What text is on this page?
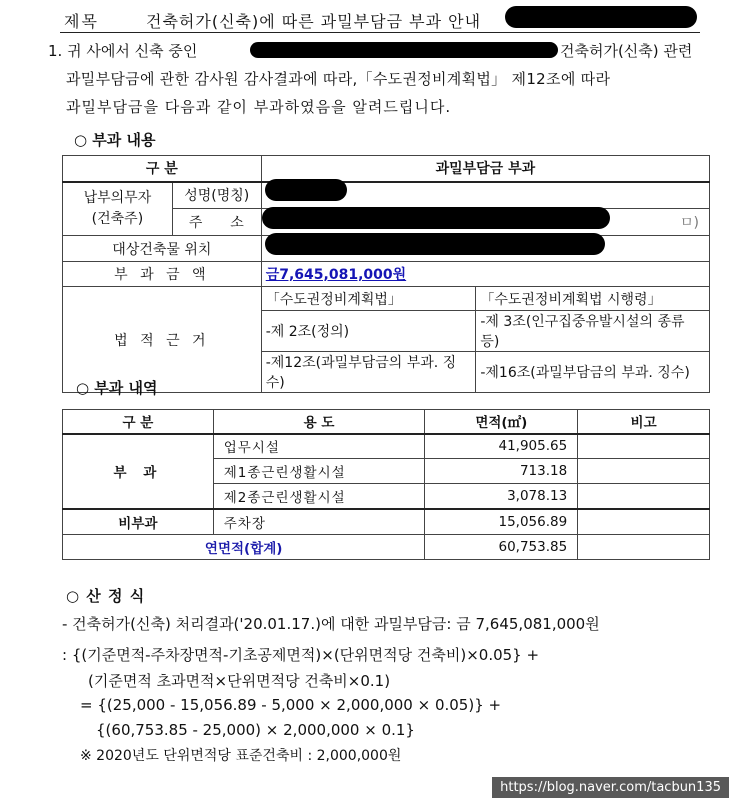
제목	건축허가(신축)에 따른 과밀부담금 부과 안내
1. 귀 사에서 신축 중인	건축허가(신축) 관련
과밀부담금에 관한 감사원 감사결과에 따라,「수도권정비계획법」 제12조에 따라
과밀부담금을 다음과 같이 부과하였음을 알려드립니다.
○ 부과 내용
구 분		과밀부담금 부과	
납부의무자
(건축주)	성명(명칭)		
	주 소	ㅁ)	
대상건축물 위치			
부 과 금 액		금7,645,081,000원	
법 적 근 거		「수도권정비계획법」	「수도권정비계획법 시행령」
		-제 2조(정의)	-제 3조(인구집중유발시설의 종류 등)
		-제12조(과밀부담금의 부과. 징수)	-제16조(과밀부담금의 부과. 징수)
○ 부과 내역
구 분	용 도	면적(㎡)	비고
부 과	업무시설	41,905.65	
	제1종근린생활시설	713.18	
	제2종근린생활시설	3,078.13	
비부과	주차장	15,056.89	
연면적(합계)		60,753.85	
○ 산 정 식
- 건축허가(신축) 처리결과('20.01.17.)에 대한 과밀부담금: 금 7,645,081,000원
: {(기준면적-주차장면적-기초공제면적)×(단위면적당 건축비)×0.05} +
(기준면적 초과면적×단위면적당 건축비×0.1)
= {(25,000 - 15,056.89 - 5,000 × 2,000,000 × 0.05)} +
{(60,753.85 - 25,000) × 2,000,000 × 0.1}
※ 2020년도 단위면적당 표준건축비 : 2,000,000원
https://blog.naver.com/tacbun135
